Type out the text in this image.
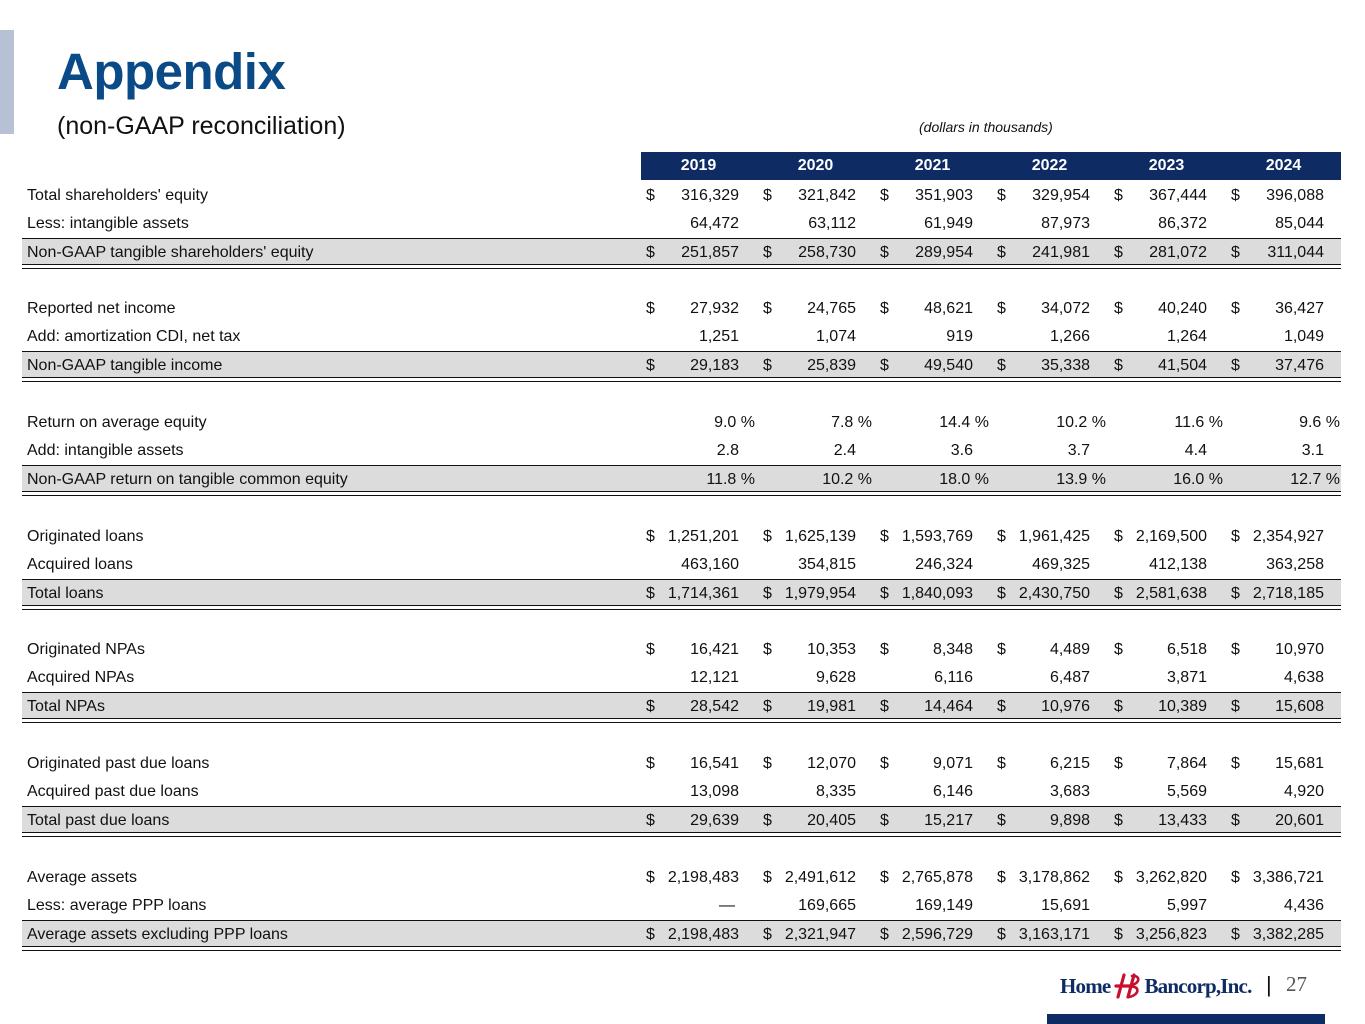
Appendix
(non-GAAP reconciliation)	(dollars in thousands)
2019	2020	2021	2022	2023	2024
Total shareholders' equity	$ 316,329 $ 321,842 $ 351,903 $ 329,954 $ 367,444 $ 396,088
Less: intangible assets	64,472	63,112	61,949	87,973	86,372	85,044
Non-GAAP tangible shareholders' equity	$ 251,857 $ 258,730 $ 289,954 $ 241,981 $ 281,072 $ 311,044
Reported net income	$ 27,932 $ 24,765 $ 48,621 $ 34,072 $ 40,240 $ 36,427
Add: amortization CDI, net tax	1,251	1,074	919	1,266	1,264	1,049
Non-GAAP tangible income	$ 29,183 $ 25,839 $ 49,540 $ 35,338 $ 41,504 $ 37,476
Return on average equity	9.0 %	7.8 %	14.4 %	10.2 %	11.6 %	9.6 %
Add: intangible assets	2.8	2.4	3.6	3.7	4.4	3.1
Non-GAAP return on tangible common equity	11.8 %	10.2 %	18.0 %	13.9 %	16.0 %	12.7 %
Originated loans	$ 1,251,201 $ 1,625,139 $ 1,593,769 $ 1,961,425 $ 2,169,500 $ 2,354,927
Acquired loans	463,160	354,815	246,324	469,325	412,138	363,258
Total loans	$ 1,714,361 $ 1,979,954 $ 1,840,093 $ 2,430,750 $ 2,581,638 $ 2,718,185
Originated NPAs	$ 16,421 $ 10,353 $	8,348 $	4,489 $	6,518 $ 10,970
Acquired NPAs	12,121	9,628	6,116	6,487	3,871	4,638
Total NPAs	$ 28,542 $ 19,981 $ 14,464 $ 10,976 $ 10,389 $ 15,608
Originated past due loans	$ 16,541 $ 12,070 $	9,071 $	6,215 $	7,864 $ 15,681
Acquired past due loans	13,098	8,335	6,146	3,683	5,569	4,920
Total past due loans	$ 29,639 $ 20,405 $ 15,217 $	9,898 $ 13,433 $ 20,601
Average assets	$ 2,198,483 $ 2,491,612 $ 2,765,878 $ 3,178,862 $ 3,262,820 $ 3,386,721
Less: average PPP loans	—	169,665	169,149	15,691	5,997	4,436
Average assets excluding PPP loans	$ 2,198,483 $ 2,321,947 $ 2,596,729 $ 3,163,171 $ 3,256,823 $ 3,382,285
Home Bancorp,Inc. | 27
